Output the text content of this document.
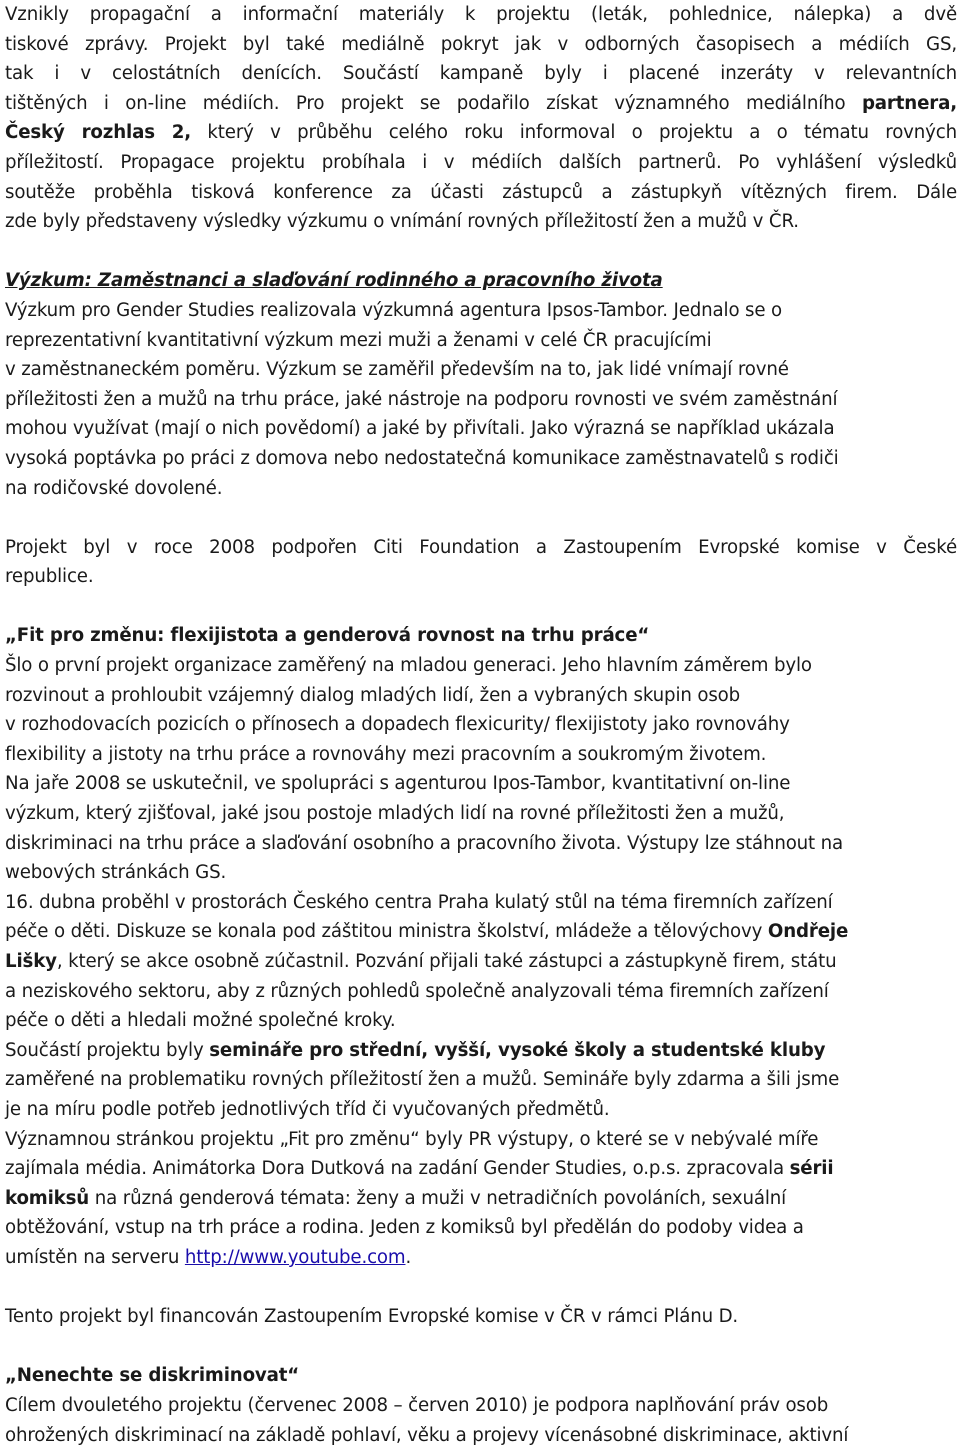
Vznikly propagační a informační materiály k projektu (leták, pohlednice, nálepka) a dvě
tiskové zprávy. Projekt byl také mediálně pokryt jak v odborných časopisech a médiích GS,
tak i v celostátních denících. Součástí kampaně byly i placené inzeráty v relevantních
tištěných i on-line médiích. Pro projekt se podařilo získat významného mediálního partnera,
Český rozhlas 2, který v průběhu celého roku informoval o projektu a o tématu rovných
příležitostí. Propagace projektu probíhala i v médiích dalších partnerů. Po vyhlášení výsledků
soutěže proběhla tisková konference za účasti zástupců a zástupkyň vítězných firem. Dále
zde byly představeny výsledky výzkumu o vnímání rovných příležitostí žen a mužů v ČR.
Výzkum: Zaměstnanci a slaďování rodinného a pracovního života
Výzkum pro Gender Studies realizovala výzkumná agentura Ipsos-Tambor. Jednalo se o
reprezentativní kvantitativní výzkum mezi muži a ženami v celé ČR pracujícími
v zaměstnaneckém poměru. Výzkum se zaměřil především na to, jak lidé vnímají rovné
příležitosti žen a mužů na trhu práce, jaké nástroje na podporu rovnosti ve svém zaměstnání
mohou využívat (mají o nich povědomí) a jaké by přivítali. Jako výrazná se například ukázala
vysoká poptávka po práci z domova nebo nedostatečná komunikace zaměstnavatelů s rodiči
na rodičovské dovolené.
Projekt byl v roce 2008 podpořen Citi Foundation a Zastoupením Evropské komise v České
republice.
„Fit pro změnu: flexijistota a genderová rovnost na trhu práce“
Šlo o první projekt organizace zaměřený na mladou generaci. Jeho hlavním záměrem bylo
rozvinout a prohloubit vzájemný dialog mladých lidí, žen a vybraných skupin osob
v rozhodovacích pozicích o přínosech a dopadech flexicurity/ flexijistoty jako rovnováhy
flexibility a jistoty na trhu práce a rovnováhy mezi pracovním a soukromým životem.
Na jaře 2008 se uskutečnil, ve spolupráci s agenturou Ipos-Tambor, kvantitativní on-line
výzkum, který zjišťoval, jaké jsou postoje mladých lidí na rovné příležitosti žen a mužů,
diskriminaci na trhu práce a slaďování osobního a pracovního života. Výstupy lze stáhnout na
webových stránkách GS.
16. dubna proběhl v prostorách Českého centra Praha kulatý stůl na téma firemních zařízení
péče o děti. Diskuze se konala pod záštitou ministra školství, mládeže a tělovýchovy Ondřeje
Lišky, který se akce osobně zúčastnil. Pozvání přijali také zástupci a zástupkyně firem, státu
a neziskového sektoru, aby z různých pohledů společně analyzovali téma firemních zařízení
péče o děti a hledali možné společné kroky.
Součástí projektu byly semináře pro střední, vyšší, vysoké školy a studentské kluby
zaměřené na problematiku rovných příležitostí žen a mužů. Semináře byly zdarma a šili jsme
je na míru podle potřeb jednotlivých tříd či vyučovaných předmětů.
Významnou stránkou projektu „Fit pro změnu“ byly PR výstupy, o které se v nebývalé míře
zajímala média. Animátorka Dora Dutková na zadání Gender Studies, o.p.s. zpracovala sérii
komiksů na různá genderová témata: ženy a muži v netradičních povoláních, sexuální
obtěžování, vstup na trh práce a rodina. Jeden z komiksů byl předělán do podoby videa a
umístěn na serveru http://www.youtube.com.
Tento projekt byl financován Zastoupením Evropské komise v ČR v rámci Plánu D.
„Nenechte se diskriminovat“
Cílem dvouletého projektu (červenec 2008 – červen 2010) je podpora naplňování práv osob
ohrožených diskriminací na základě pohlaví, věku a projevy vícenásobné diskriminace, aktivní
